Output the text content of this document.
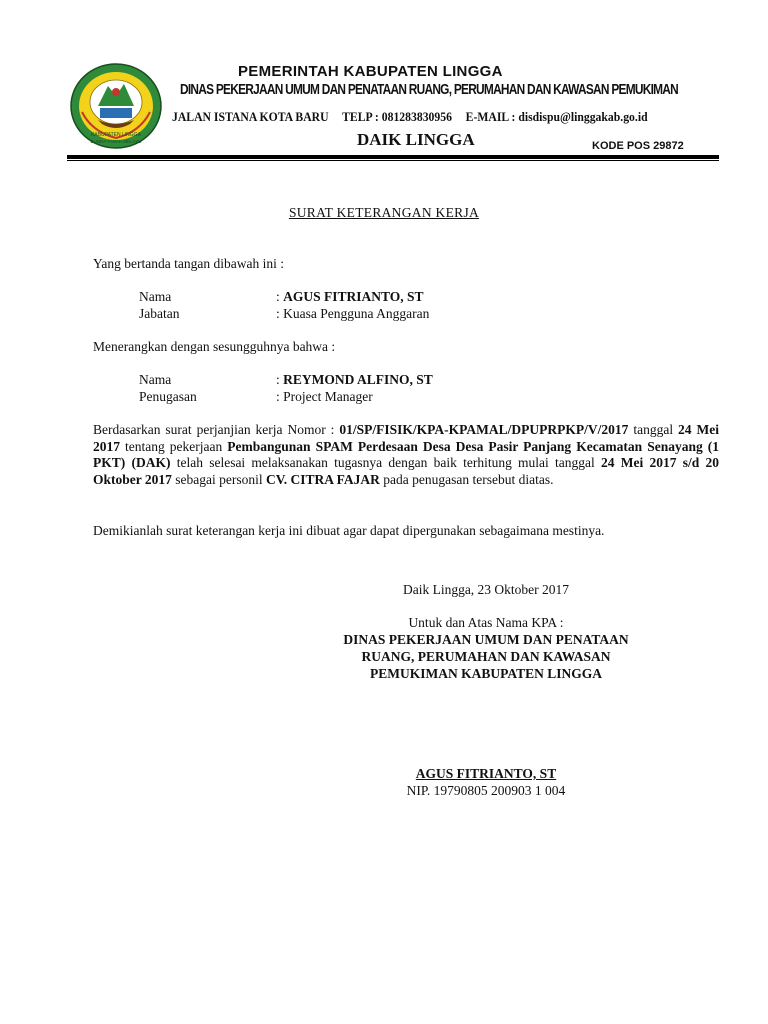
KABUPATEN LINGGA
BUNDA TANAH MELAYU
PEMERINTAH KABUPATEN LINGGA
DINAS PEKERJAAN UMUM DAN PENATAAN RUANG, PERUMAHAN DAN KAWASAN PEMUKIMAN
JALAN ISTANA KOTA BARU TELP : 081283830956 E-MAIL : disdispu@linggakab.go.id
DAIK LINGGA	KODE POS 29872
SURAT KETERANGAN KERJA
Yang bertanda tangan dibawah ini :
Nama	: AGUS FITRIANTO, ST
Jabatan	: Kuasa Pengguna Anggaran
Menerangkan dengan sesungguhnya bahwa :
Nama	: REYMOND ALFINO, ST
Penugasan	: Project Manager
Berdasarkan surat perjanjian kerja Nomor : 01/SP/FISIK/KPA-KPAMAL/DPUPRPKP/V/2017 tanggal 24 Mei 2017 tentang pekerjaan Pembangunan SPAM Perdesaan Desa Desa Pasir Panjang Kecamatan Senayang (1 PKT) (DAK) telah selesai melaksanakan tugasnya dengan baik terhitung mulai tanggal 24 Mei 2017 s/d 20 Oktober 2017 sebagai personil CV. CITRA FAJAR pada penugasan tersebut diatas.
Demikianlah surat keterangan kerja ini dibuat agar dapat dipergunakan sebagaimana mestinya.
Daik Lingga, 23 Oktober 2017
Untuk dan Atas Nama KPA :
DINAS PEKERJAAN UMUM DAN PENATAAN
RUANG, PERUMAHAN DAN KAWASAN
PEMUKIMAN KABUPATEN LINGGA
AGUS FITRIANTO, ST
NIP. 19790805 200903 1 004
